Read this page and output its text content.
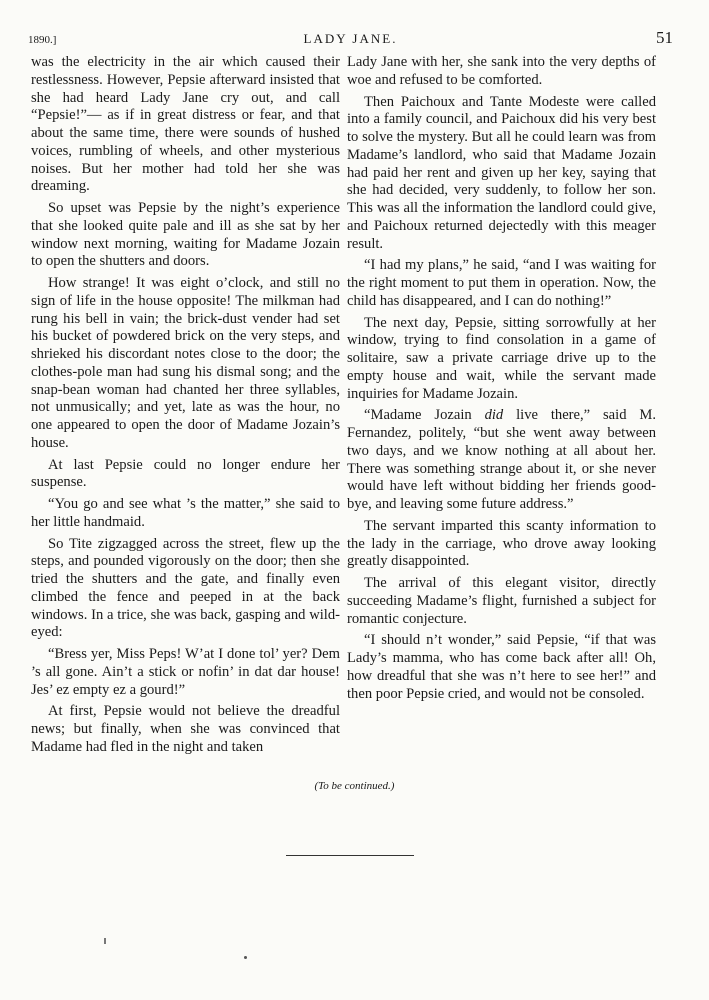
1890.]	LADY JANE.	51

was the electricity in the air which caused their restlessness. However, Pepsie afterward insisted that she had heard Lady Jane cry out, and call “Pepsie!”— as if in great distress or fear, and that about the same time, there were sounds of hushed voices, rumbling of wheels, and other mysterious noises. But her mother had told her she was dreaming.

So upset was Pepsie by the night’s experience that she looked quite pale and ill as she sat by her window next morning, waiting for Madame Jozain to open the shutters and doors.

How strange! It was eight o’clock, and still no sign of life in the house opposite! The milkman had rung his bell in vain; the brick-dust vender had set his bucket of powdered brick on the very steps, and shrieked his discordant notes close to the door; the clothes-pole man had sung his dismal song; and the snap-bean woman had chanted her three syllables, not unmusically; and yet, late as was the hour, no one appeared to open the door of Madame Jozain’s house.

At last Pepsie could no longer endure her suspense.

“You go and see what ’s the matter,” she said to her little handmaid.

So Tite zigzagged across the street, flew up the steps, and pounded vigorously on the door; then she tried the shutters and the gate, and finally even climbed the fence and peeped in at the back windows. In a trice, she was back, gasping and wild-eyed:

“Bress yer, Miss Peps! W’at I done tol’ yer? Dem ’s all gone. Ain’t a stick or nofin’ in dat dar house! Jes’ ez empty ez a gourd!”

At first, Pepsie would not believe the dreadful news; but finally, when she was convinced that Madame had fled in the night and taken

Lady Jane with her, she sank into the very depths of woe and refused to be comforted.

Then Paichoux and Tante Modeste were called into a family council, and Paichoux did his very best to solve the mystery. But all he could learn was from Madame’s landlord, who said that Madame Jozain had paid her rent and given up her key, saying that she had decided, very suddenly, to follow her son. This was all the information the landlord could give, and Paichoux returned dejectedly with this meager result.

“I had my plans,” he said, “and I was waiting for the right moment to put them in operation. Now, the child has disappeared, and I can do nothing!”

The next day, Pepsie, sitting sorrowfully at her window, trying to find consolation in a game of solitaire, saw a private carriage drive up to the empty house and wait, while the servant made inquiries for Madame Jozain.

“Madame Jozain did live there,” said M. Fernandez, politely, “but she went away between two days, and we know nothing at all about her. There was something strange about it, or she never would have left without bidding her friends good-bye, and leaving some future address.”

The servant imparted this scanty information to the lady in the carriage, who drove away looking greatly disappointed.

The arrival of this elegant visitor, directly succeeding Madame’s flight, furnished a subject for romantic conjecture.

“I should n’t wonder,” said Pepsie, “if that was Lady’s mamma, who has come back after all! Oh, how dreadful that she was n’t here to see her!” and then poor Pepsie cried, and would not be consoled.

(To be continued.)
